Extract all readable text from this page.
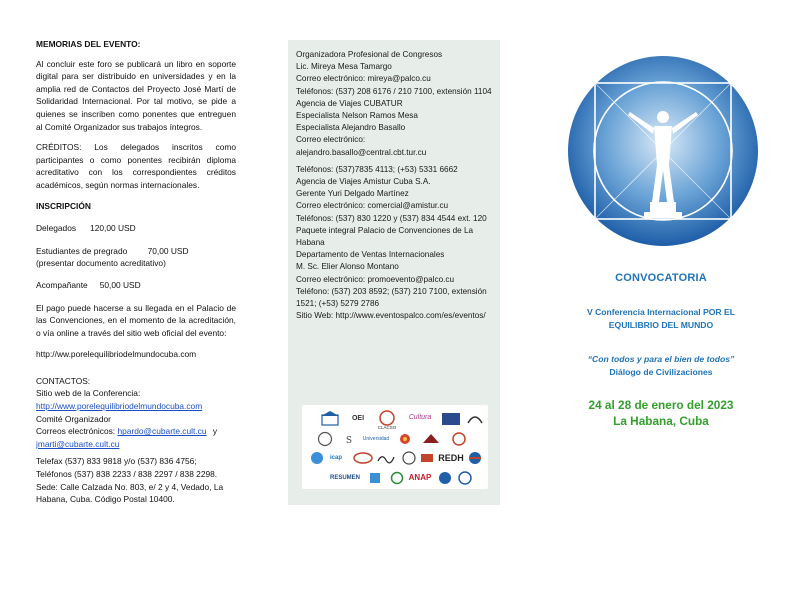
MEMORIAS DEL EVENTO:

Al concluir este foro se publicará un libro en soporte digital para ser distribuido en universidades y en la amplia red de Contactos del Proyecto José Martí de Solidaridad Internacional. Por tal motivo, se pide a quienes se inscriben como ponentes que entreguen al Comité Organizador sus trabajos íntegros.

CRÉDITOS: Los delegados inscritos como participantes o como ponentes recibirán diploma acreditativo con los correspondientes créditos académicos, según normas internacionales.

INSCRIPCIÓN
Delegados 120,00 USD
Estudiantes de pregrado 70,00 USD (presentar documento acreditativo)
Acompañante 50,00 USD

El pago puede hacerse a su llegada en el Palacio de las Convenciones, en el momento de la acreditación, o vía online a través del sitio web oficial del evento:

http://ww.porelequilibriodelmundocuba.com

CONTACTOS:
Sitio web de la Conferencia:
http://www.porelequilibriodelmundocuba.com
Comité Organizador
Correos electrónicos: hpardo@cubarte.cult.cu y
jmarti@cubarte.cult.cu
Telefax (537) 833 9818 y/o (537) 836 4756;
Teléfonos (537) 838 2233 / 838 2297 / 838 2298.
Sede: Calle Calzada No. 803, e/ 2 y 4, Vedado, La Habana, Cuba. Código Postal 10400.
Organizadora Profesional de Congresos
Lic. Mireya Mesa Tamargo
Correo electrónico: mireya@palco.cu
Teléfonos: (537) 208 6176 / 210 7100, extensión 1104
Agencia de Viajes CUBATUR
Especialista Nelson Ramos Mesa
Especialista Alejandro Basallo
Correo electrónico:
alejandro.basallo@central.cbt.tur.cu
Teléfonos: (537)7835 4113; (+53) 5331 6662
Agencia de Viajes Amistur Cuba S.A.
Gerente Yuri Delgado Martínez
Correo electrónico: comercial@amistur.cu
Teléfonos: (537) 830 1220 y (537) 834 4544 ext. 120
Paquete integral Palacio de Convenciones de La Habana
Departamento de Ventas Internacionales
M. Sc. Elier Alonso Montano
Correo electrónico: promoevento@palco.cu
Teléfono: (537) 203 8592; (537) 210 7100, extensión 1521; (+53) 5279 2786
Sitio Web: http://www.eventospalco.com/es/eventos/
OEI
CLACSO
Cultura
S Universidad
icap	REDH
RESUMEN	ANAP
CONVOCATORIA
V Conferencia Internacional POR EL EQUILIBRIO DEL MUNDO
“Con todos y para el bien de todos”
Diálogo de Civilizaciones
24 al 28 de enero del 2023
La Habana, Cuba
